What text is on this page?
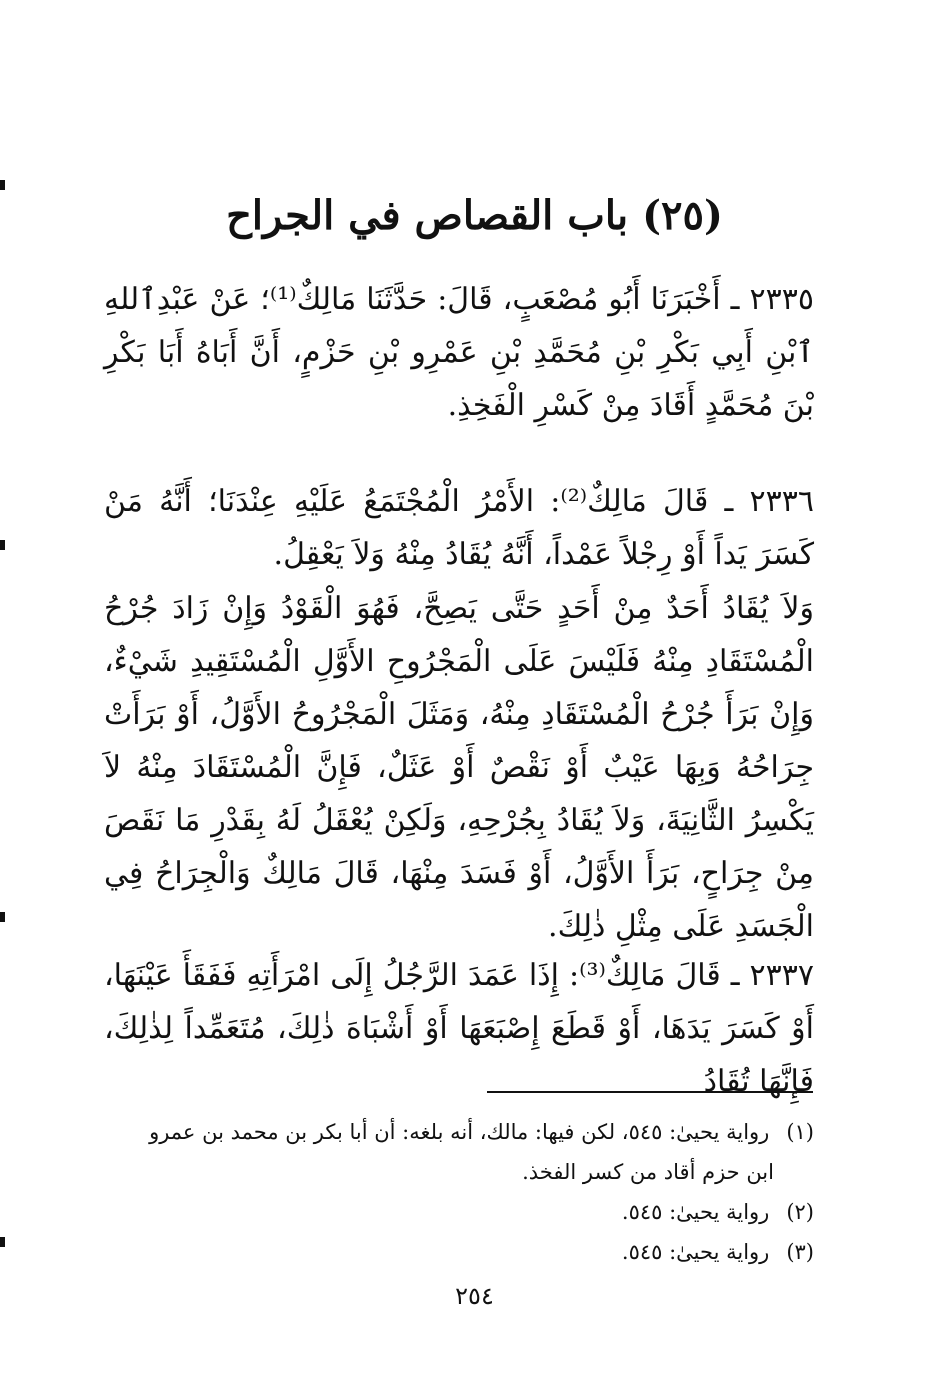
(٢٥) باب القصاص في الجراح

٢٣٣٥ ـ أَخْبَرَنَا أَبُو مُصْعَبٍ، قَالَ: حَدَّثَنَا مَالِكٌ⁽¹⁾؛ عَنْ عَبْدِٱللهِ ٱبْنِ أَبِي بَكْرِ بْنِ مُحَمَّدِ بْنِ عَمْرِو بْنِ حَزْمٍ، أَنَّ أَبَاهُ أَبَا بَكْرِ بْنَ مُحَمَّدٍ أَقَادَ مِنْ كَسْرِ الْفَخِذِ.

٢٣٣٦ ـ قَالَ مَالِكٌ⁽²⁾: الأَمْرُ الْمُجْتَمَعُ عَلَيْهِ عِنْدَنَا؛ أَنَّهُ مَنْ كَسَرَ يَداً أَوْ رِجْلاً عَمْداً، أَنَّهُ يُقَادُ مِنْهُ وَلاَ يَعْقِلُ.

وَلاَ يُقَادُ أَحَدٌ مِنْ أَحَدٍ حَتَّى يَصِحَّ، فَهُوَ الْقَوْدُ وَإِنْ زَادَ جُرْحُ الْمُسْتَقَادِ مِنْهُ فَلَيْسَ عَلَى الْمَجْرُوحِ الأَوَّلِ الْمُسْتَقِيدِ شَيْءٌ، وَإِنْ بَرَأَ جُرْحُ الْمُسْتَقَادِ مِنْهُ، وَمَثَلَ الْمَجْرُوحُ الأَوَّلُ، أَوْ بَرَأَتْ جِرَاحُهُ وَبِهَا عَيْبٌ أَوْ نَقْصٌ أَوْ عَثَلٌ، فَإِنَّ الْمُسْتَقَادَ مِنْهُ لاَ يَكْسِرُ الثَّانِيَةَ، وَلاَ يُقَادُ بِجُرْحِهِ، وَلَكِنْ يُعْقَلُ لَهُ بِقَدْرِ مَا نَقَصَ مِنْ جِرَاحٍ، بَرَأَ الأَوَّلُ، أَوْ فَسَدَ مِنْهَا، قَالَ مَالِكٌ وَالْجِرَاحُ فِي الْجَسَدِ عَلَى مِثْلِ ذٰلِكَ.

٢٣٣٧ ـ قَالَ مَالِكٌ⁽³⁾: إِذَا عَمَدَ الرَّجُلُ إِلَى امْرَأَتِهِ فَفَقَأَ عَيْنَهَا، أَوْ كَسَرَ يَدَهَا، أَوْ قَطَعَ إِصْبَعَهَا أَوْ أَشْبَاهَ ذٰلِكَ، مُتَعَمِّداً لِذٰلِكَ، فَإِنَّهَا تُقَادُ

(١) رواية يحيىٰ: ٥٤٥، لكن فيها: مالك، أنه بلغه: أن أبا بكر بن محمد بن عمرو

ابن حزم أقاد من كسر الفخذ.

(٢) رواية يحيىٰ: ٥٤٥.

(٣) رواية يحيىٰ: ٥٤٥.

٢٥٤
